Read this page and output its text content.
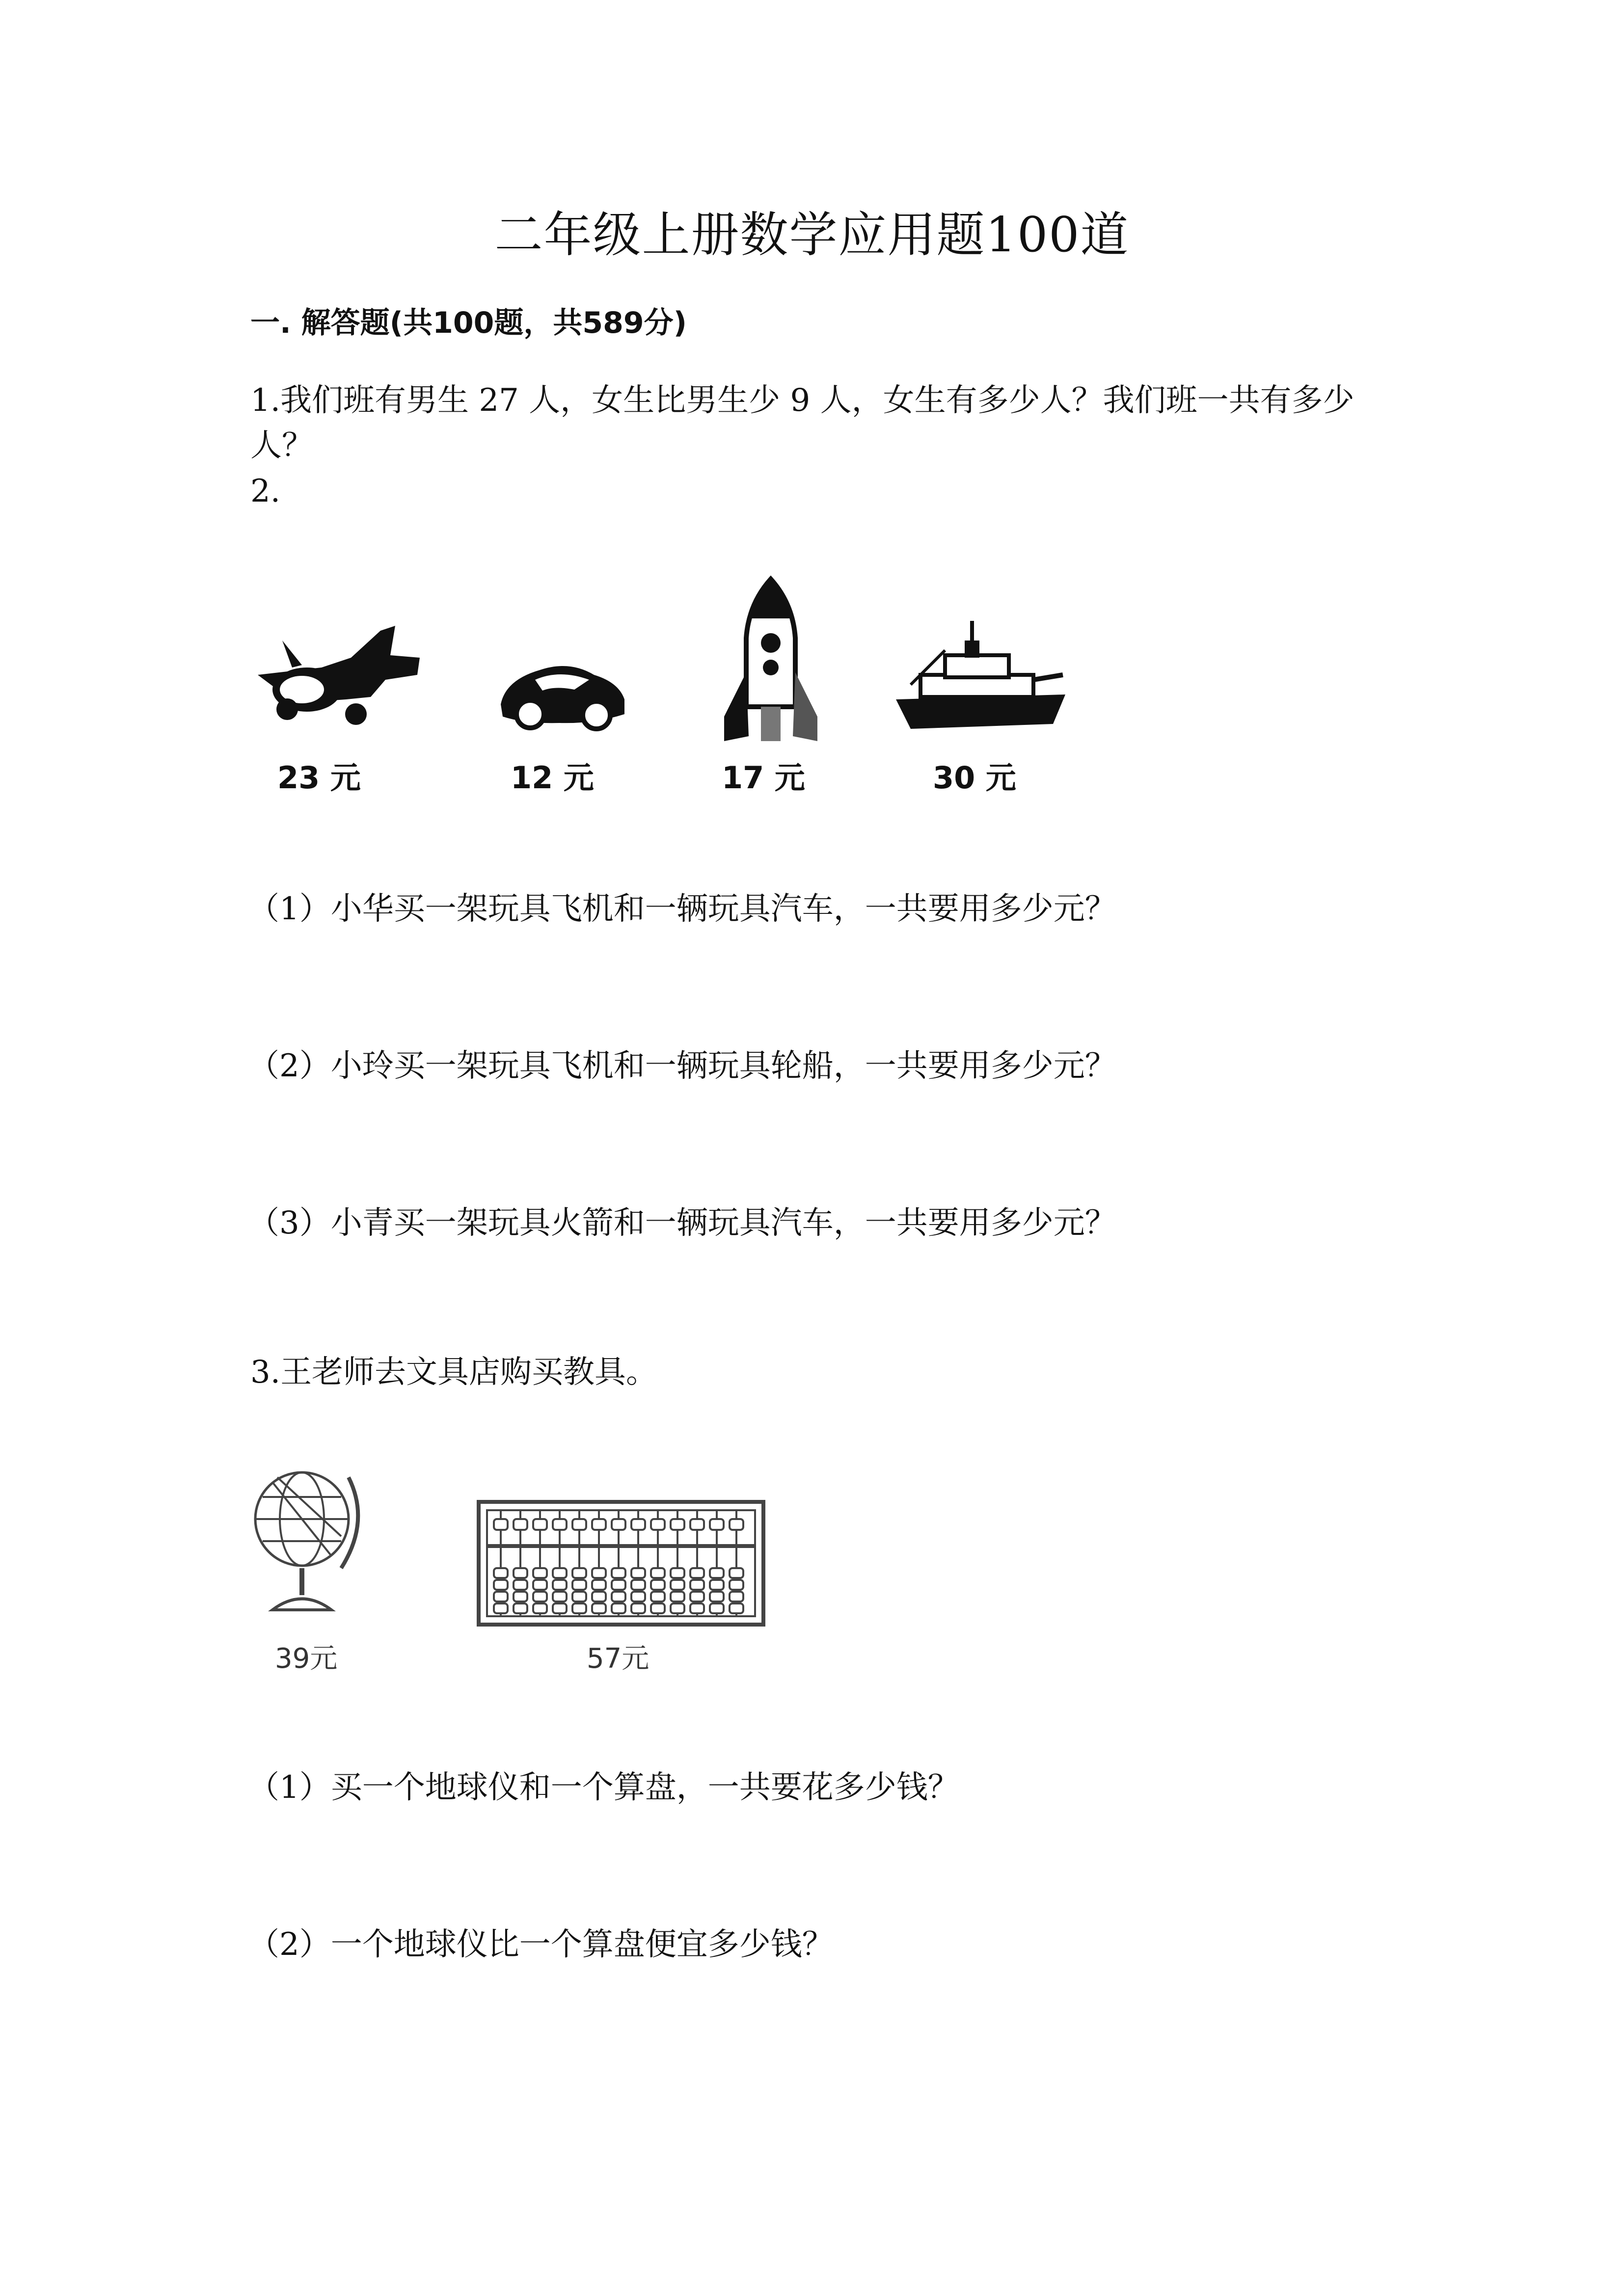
二年级上册数学应用题100道
一. 解答题(共100题，共589分)
1.我们班有男生 27 人，女生比男生少 9 人，女生有多少人？我们班一共有多少人？
2.
23 元	12 元	17 元	30 元
（1）小华买一架玩具飞机和一辆玩具汽车，一共要用多少元？
（2）小玲买一架玩具飞机和一辆玩具轮船，一共要用多少元？
（3）小青买一架玩具火箭和一辆玩具汽车，一共要用多少元？
3.王老师去文具店购买教具。
39元	57元
（1）买一个地球仪和一个算盘，一共要花多少钱？
（2）一个地球仪比一个算盘便宜多少钱？
